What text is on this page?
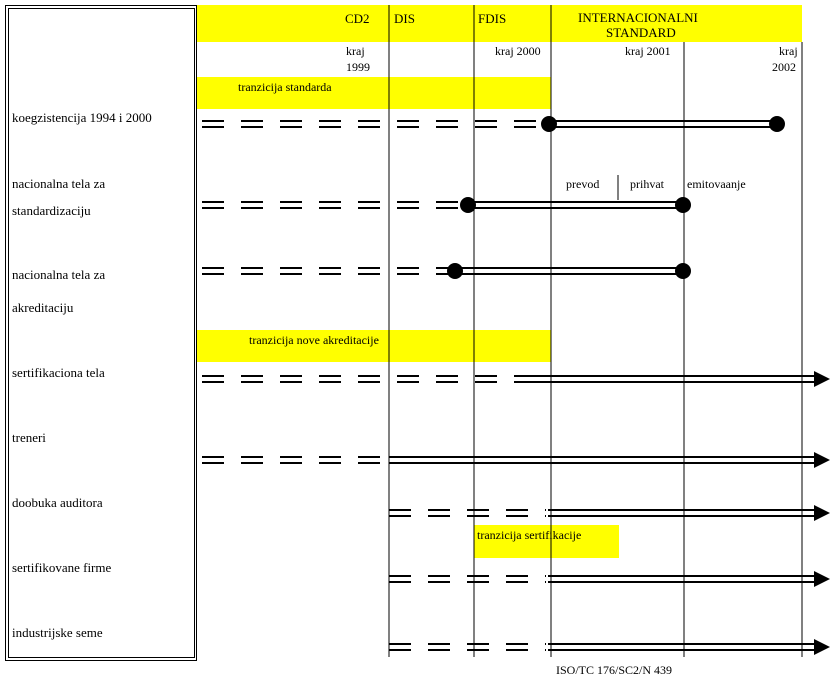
koegzistencija 1994 i 2000
nacionalna tela za
standardizaciju
nacionalna tela za
akreditaciju
sertifikaciona tela
treneri
doobuka auditora
sertifikovane firme
industrijske seme
CD2 DIS	FDIS	INTERNACIONALNI
STANDARD
kraj
1999
kraj 2000	kraj 2001	kraj
2002
tranzicija standarda
tranzicija nove akreditacije
tranzicija sertifikacije
prevod	prihvat emitovaanje
ISO/TC 176/SC2/N 439
